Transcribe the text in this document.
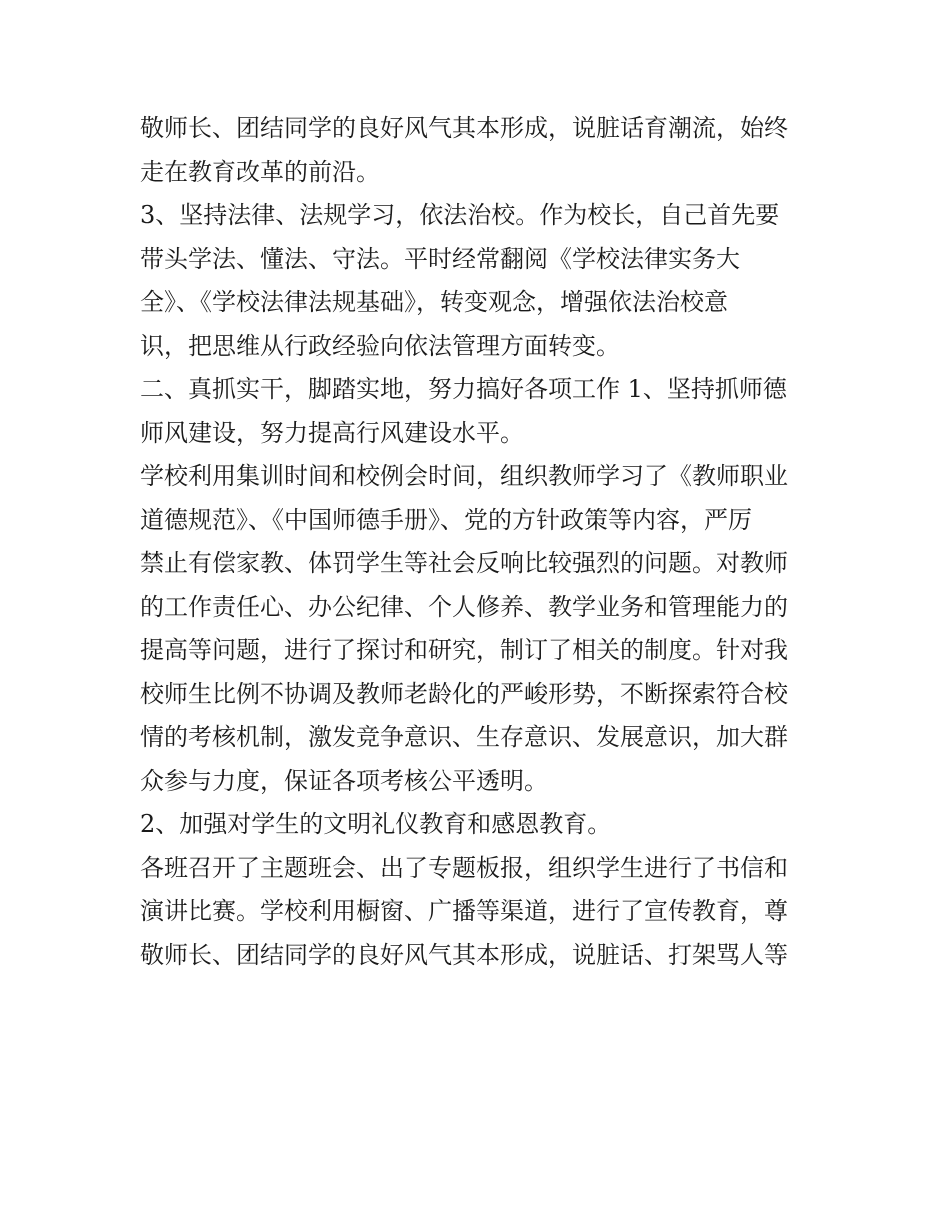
敬师长、团结同学的良好风气其本形成，说脏话育潮流，始终
走在教育改革的前沿。
3、坚持法律、法规学习，依法治校。作为校长，自己首先要
带头学法、懂法、守法。平时经常翻阅《学校法律实务大
全》、《学校法律法规基础》，转变观念，增强依法治校意
识，把思维从行政经验向依法管理方面转变。
二、真抓实干，脚踏实地，努力搞好各项工作 1、坚持抓师德
师风建设，努力提高行风建设水平。
学校利用集训时间和校例会时间，组织教师学习了《教师职业
道德规范》、《中国师德手册》、党的方针政策等内容，严厉
禁止有偿家教、体罚学生等社会反响比较强烈的问题。对教师
的工作责任心、办公纪律、个人修养、教学业务和管理能力的
提高等问题，进行了探讨和研究，制订了相关的制度。针对我
校师生比例不协调及教师老龄化的严峻形势，不断探索符合校
情的考核机制，激发竞争意识、生存意识、发展意识，加大群
众参与力度，保证各项考核公平透明。
2、加强对学生的文明礼仪教育和感恩教育。
各班召开了主题班会、出了专题板报，组织学生进行了书信和
演讲比赛。学校利用橱窗、广播等渠道，进行了宣传教育，尊
敬师长、团结同学的良好风气其本形成，说脏话、打架骂人等
